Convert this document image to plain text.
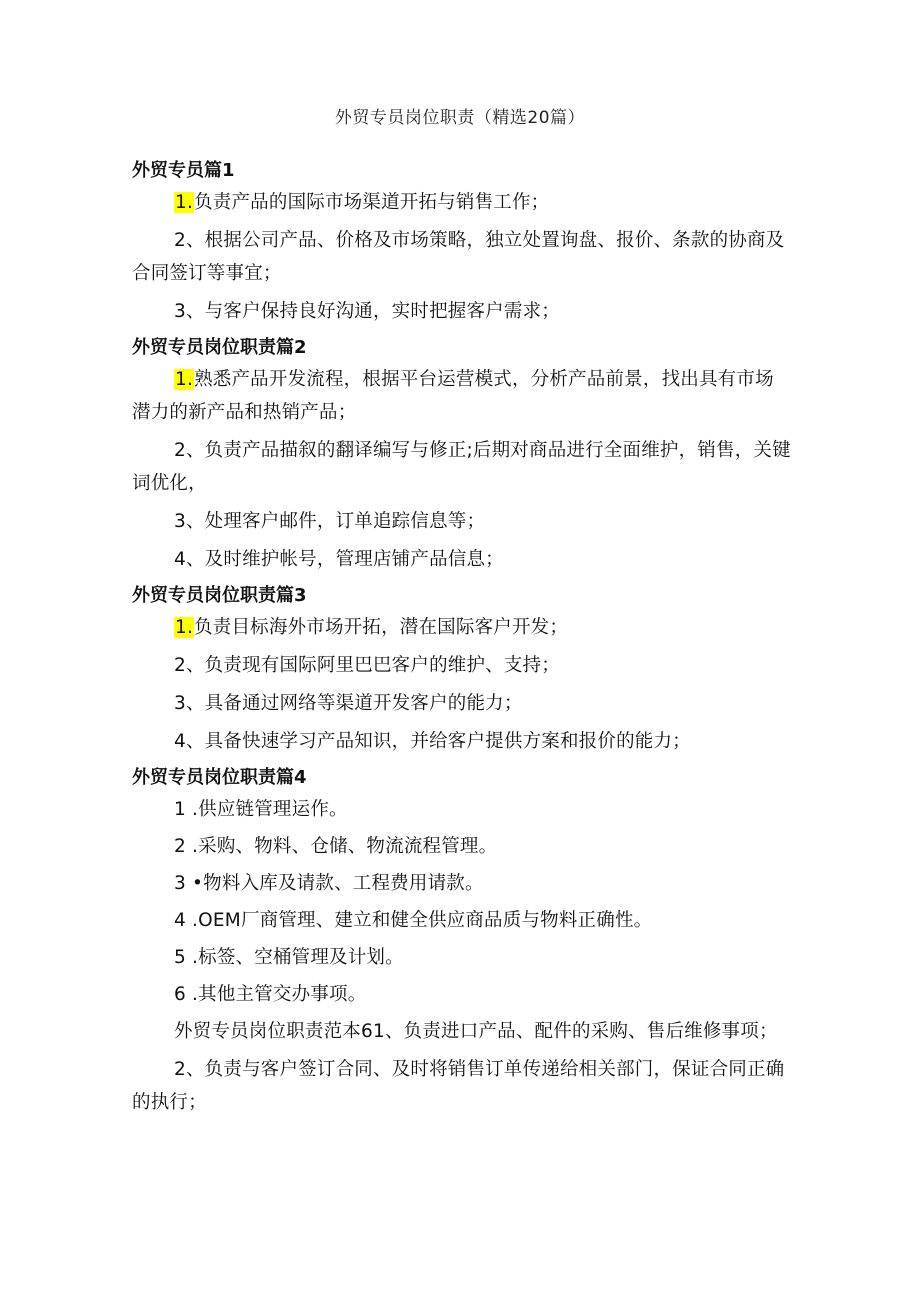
外贸专员岗位职责（精选20篇）
外贸专员篇1

1.负责产品的国际市场渠道开拓与销售工作；

2、根据公司产品、价格及市场策略，独立处置询盘、报价、条款的协商及合同签订等事宜；

3、与客户保持良好沟通，实时把握客户需求；

外贸专员岗位职责篇2

1.熟悉产品开发流程，根据平台运营模式，分析产品前景，找出具有市场潜力的新产品和热销产品；

2、负责产品描叙的翻译编写与修正;后期对商品进行全面维护，销售，关键词优化，

3、处理客户邮件，订单追踪信息等；

4、及时维护帐号，管理店铺产品信息；

外贸专员岗位职责篇3

1.负责目标海外市场开拓，潜在国际客户开发；

2、负责现有国际阿里巴巴客户的维护、支持；

3、具备通过网络等渠道开发客户的能力；

4、具备快速学习产品知识，并给客户提供方案和报价的能力；

外贸专员岗位职责篇4

1 .供应链管理运作。

2 .采购、物料、仓储、物流流程管理。

3 •物料入库及请款、工程费用请款。

4 .OEM厂商管理、建立和健全供应商品质与物料正确性。

5 .标签、空桶管理及计划。

6 .其他主管交办事项。

外贸专员岗位职责范本61、负责进口产品、配件的采购、售后维修事项；

2、负责与客户签订合同、及时将销售订单传递给相关部门，保证合同正确的执行；
